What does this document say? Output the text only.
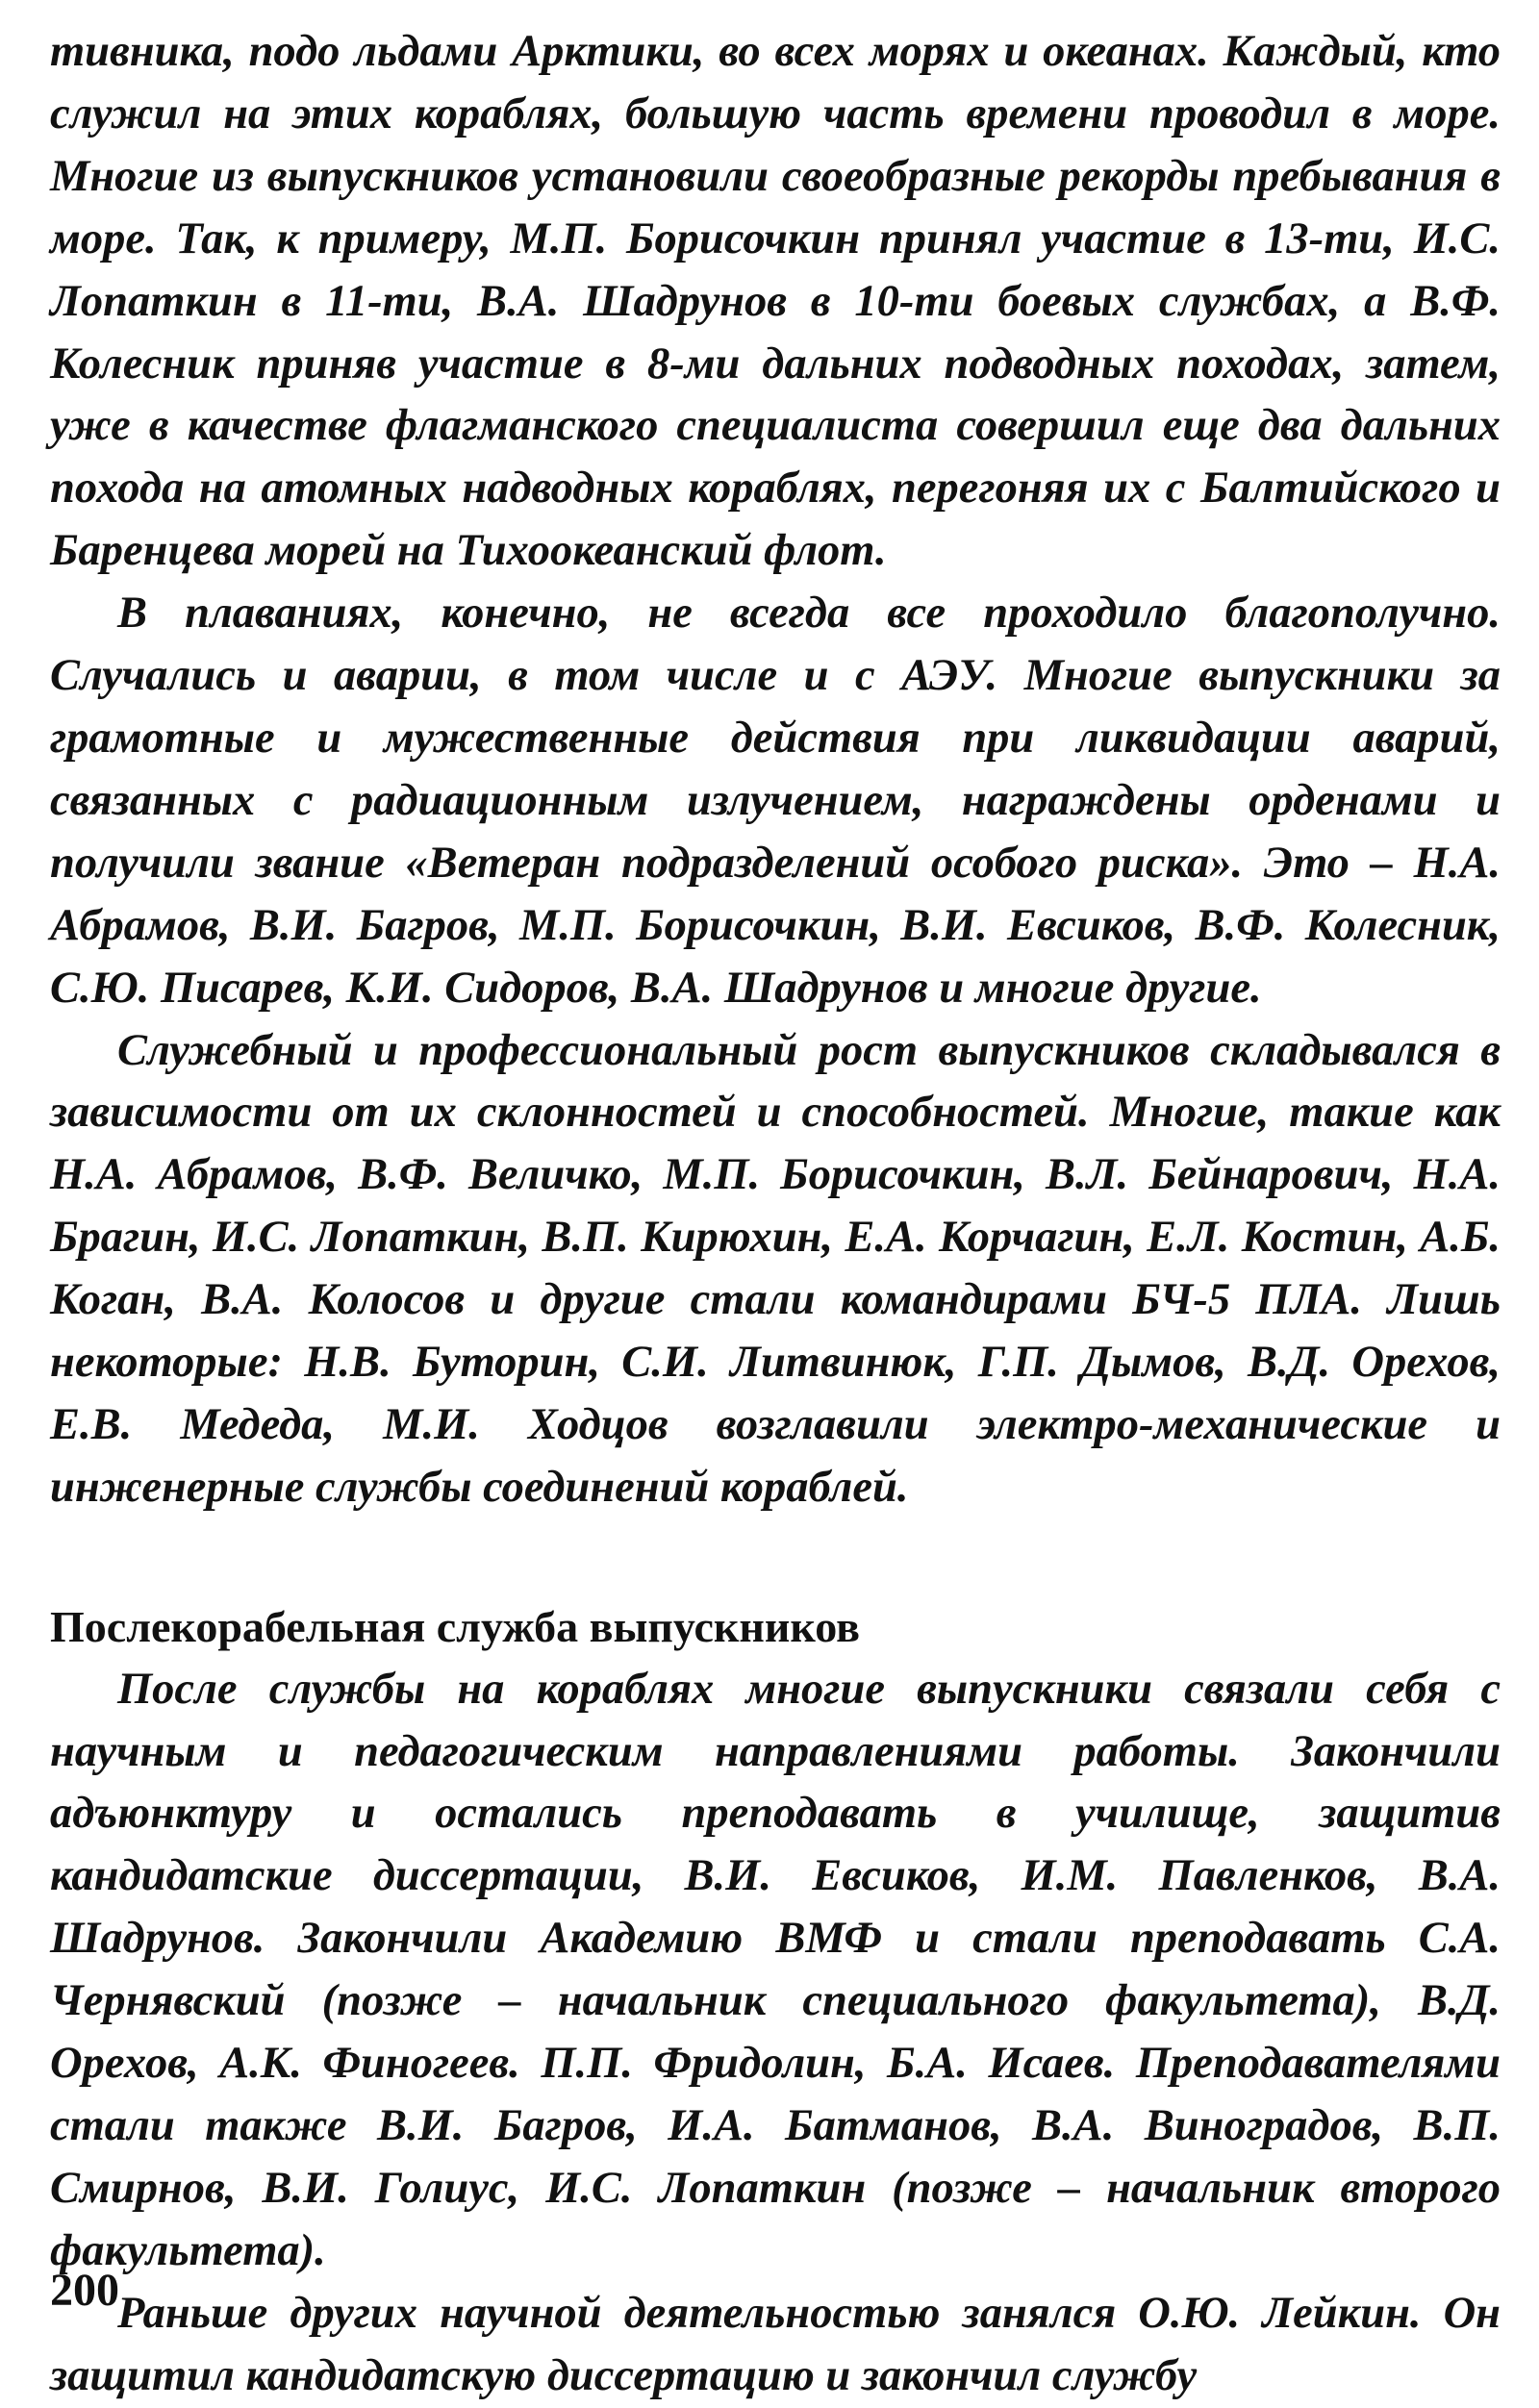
тивника, подо льдами Арктики, во всех морях и океанах. Каждый, кто служил на этих кораблях, большую часть времени проводил в море. Многие из выпускников установили своеобразные рекорды пребывания в море. Так, к примеру, М.П. Борисочкин принял участие в 13-ти, И.С. Лопаткин в 11-ти, В.А. Шадрунов в 10-ти боевых службах, а В.Ф. Колесник приняв участие в 8-ми дальних подводных походах, затем, уже в качестве флагманского специалиста совершил еще два дальних похода на атомных надводных кораблях, перегоняя их с Балтийского и Баренцева морей на Тихоокеанский флот.

В плаваниях, конечно, не всегда все проходило благополучно. Случались и аварии, в том числе и с АЭУ. Многие выпускники за грамотные и мужественные действия при ликвидации аварий, связанных с радиационным излучением, награждены орденами и получили звание «Ветеран подразделений особого риска». Это – Н.А. Абрамов, В.И. Багров, М.П. Борисочкин, В.И. Евсиков, В.Ф. Колесник, С.Ю. Писарев, К.И. Сидоров, В.А. Шадрунов и многие другие.

Служебный и профессиональный рост выпускников складывался в зависимости от их склонностей и способностей. Многие, такие как Н.А. Абрамов, В.Ф. Величко, М.П. Борисочкин, В.Л. Бейнарович, Н.А. Брагин, И.С. Лопаткин, В.П. Кирюхин, Е.А. Корчагин, Е.Л. Костин, А.Б. Коган, В.А. Колосов и другие стали командирами БЧ-5 ПЛА. Лишь некоторые: Н.В. Буторин, С.И. Литвинюк, Г.П. Дымов, В.Д. Орехов, Е.В. Медеда, М.И. Ходцов возглавили электро-механические и инженерные службы соединений кораблей.

Послекорабельная служба выпускников

После службы на кораблях многие выпускники связали себя с научным и педагогическим направлениями работы. Закончили адъюнктуру и остались преподавать в училище, защитив кандидатские диссертации, В.И. Евсиков, И.М. Павленков, В.А. Шадрунов. Закончили Академию ВМФ и стали преподавать С.А. Чернявский (позже – начальник специального факультета), В.Д. Орехов, А.К. Финогеев. П.П. Фридолин, Б.А. Исаев. Преподавателями стали также В.И. Багров, И.А. Батманов, В.А. Виноградов, В.П. Смирнов, В.И. Голиус, И.С. Лопаткин (позже – начальник второго факультета).

Раньше других научной деятельностью занялся О.Ю. Лейкин. Он защитил кандидатскую диссертацию и закончил службу

200
